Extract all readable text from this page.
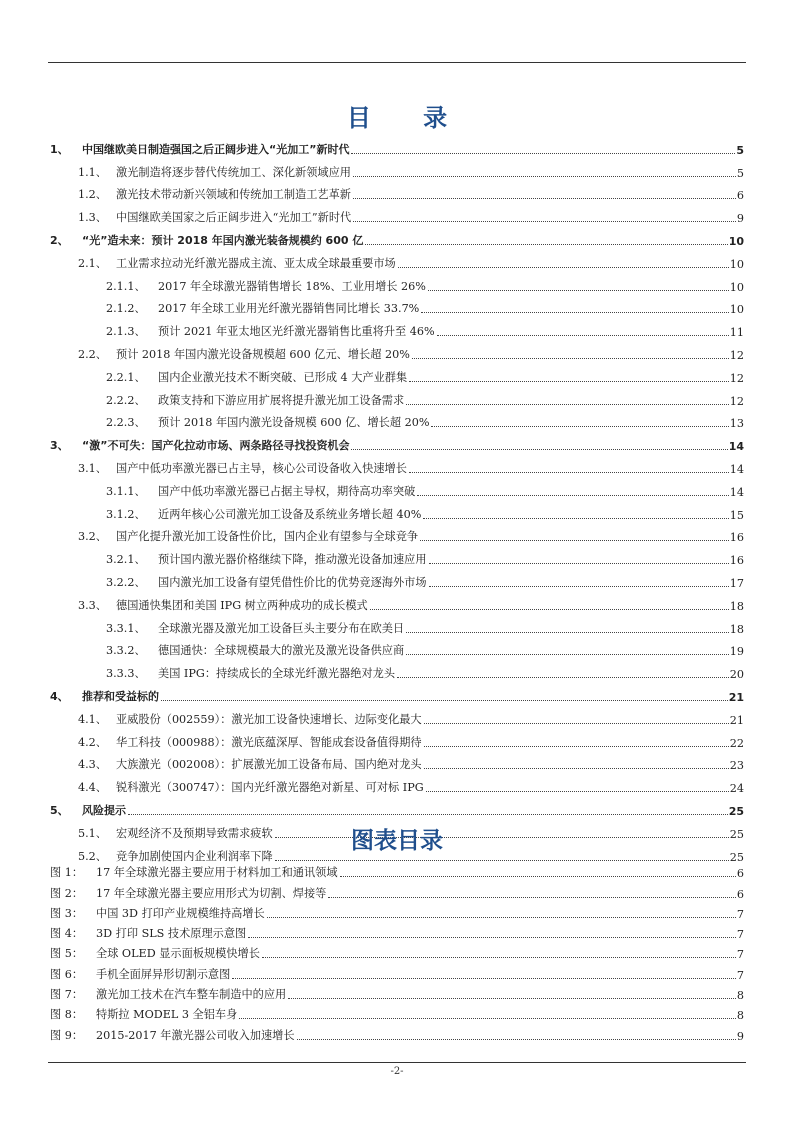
目 录
1、	中国继欧美日制造强国之后正阔步进入“光加工”新时代	5
1.1、 激光制造将逐步替代传统加工、深化新领域应用	5
1.2、 激光技术带动新兴领域和传统加工制造工艺革新	6
1.3、 中国继欧美国家之后正阔步进入“光加工”新时代	9
2、	“光”造未来：预计 2018 年国内激光装备规模约 600 亿	10
2.1、 工业需求拉动光纤激光器成主流、亚太成全球最重要市场	10
2.1.1、	2017 年全球激光器销售增长 18%、工业用增长 26%	10
2.1.2、	2017 年全球工业用光纤激光器销售同比增长 33.7%	10
2.1.3、	预计 2021 年亚太地区光纤激光器销售比重将升至 46%	11
2.2、 预计 2018 年国内激光设备规模超 600 亿元、增长超 20%	12
2.2.1、	国内企业激光技术不断突破、已形成 4 大产业群集	12
2.2.2、	政策支持和下游应用扩展将提升激光加工设备需求	12
2.2.3、	预计 2018 年国内激光设备规模 600 亿、增长超 20%	13
3、	“激”不可失：国产化拉动市场、两条路径寻找投资机会	14
3.1、 国产中低功率激光器已占主导，核心公司设备收入快速增长	14
3.1.1、	国产中低功率激光器已占据主导权，期待高功率突破	14
3.1.2、	近两年核心公司激光加工设备及系统业务增长超 40%	15
3.2、 国产化提升激光加工设备性价比，国内企业有望参与全球竞争	16
3.2.1、	预计国内激光器价格继续下降，推动激光设备加速应用	16
3.2.2、	国内激光加工设备有望凭借性价比的优势竞逐海外市场	17
3.3、 德国通快集团和美国 IPG 树立两种成功的成长模式	18
3.3.1、	全球激光器及激光加工设备巨头主要分布在欧美日	18
3.3.2、	德国通快：全球规模最大的激光及激光设备供应商	19
3.3.3、	美国 IPG：持续成长的全球光纤激光器绝对龙头	20
4、	推荐和受益标的	21
4.1、 亚威股份（002559）：激光加工设备快速增长、边际变化最大	21
4.2、 华工科技（000988）：激光底蕴深厚、智能成套设备值得期待	22
4.3、 大族激光（002008）：扩展激光加工设备布局、国内绝对龙头	23
4.4、 锐科激光（300747）：国内光纤激光器绝对新星、可对标 IPG	24
5、	风险提示	25
5.1、 宏观经济不及预期导致需求疲软	25
5.2、 竞争加剧使国内企业利润率下降	25
图表目录
图 1：	17 年全球激光器主要应用于材料加工和通讯领域	6
图 2：	17 年全球激光器主要应用形式为切割、焊接等	6
图 3：	中国 3D 打印产业规模维持高增长	7
图 4：	3D 打印 SLS 技术原理示意图	7
图 5：	全球 OLED 显示面板规模快增长	7
图 6：	手机全面屏异形切割示意图	7
图 7：	激光加工技术在汽车整车制造中的应用	8
图 8：	特斯拉 MODEL 3 全铝车身	8
图 9：	2015-2017 年激光器公司收入加速增长	9
-2-
